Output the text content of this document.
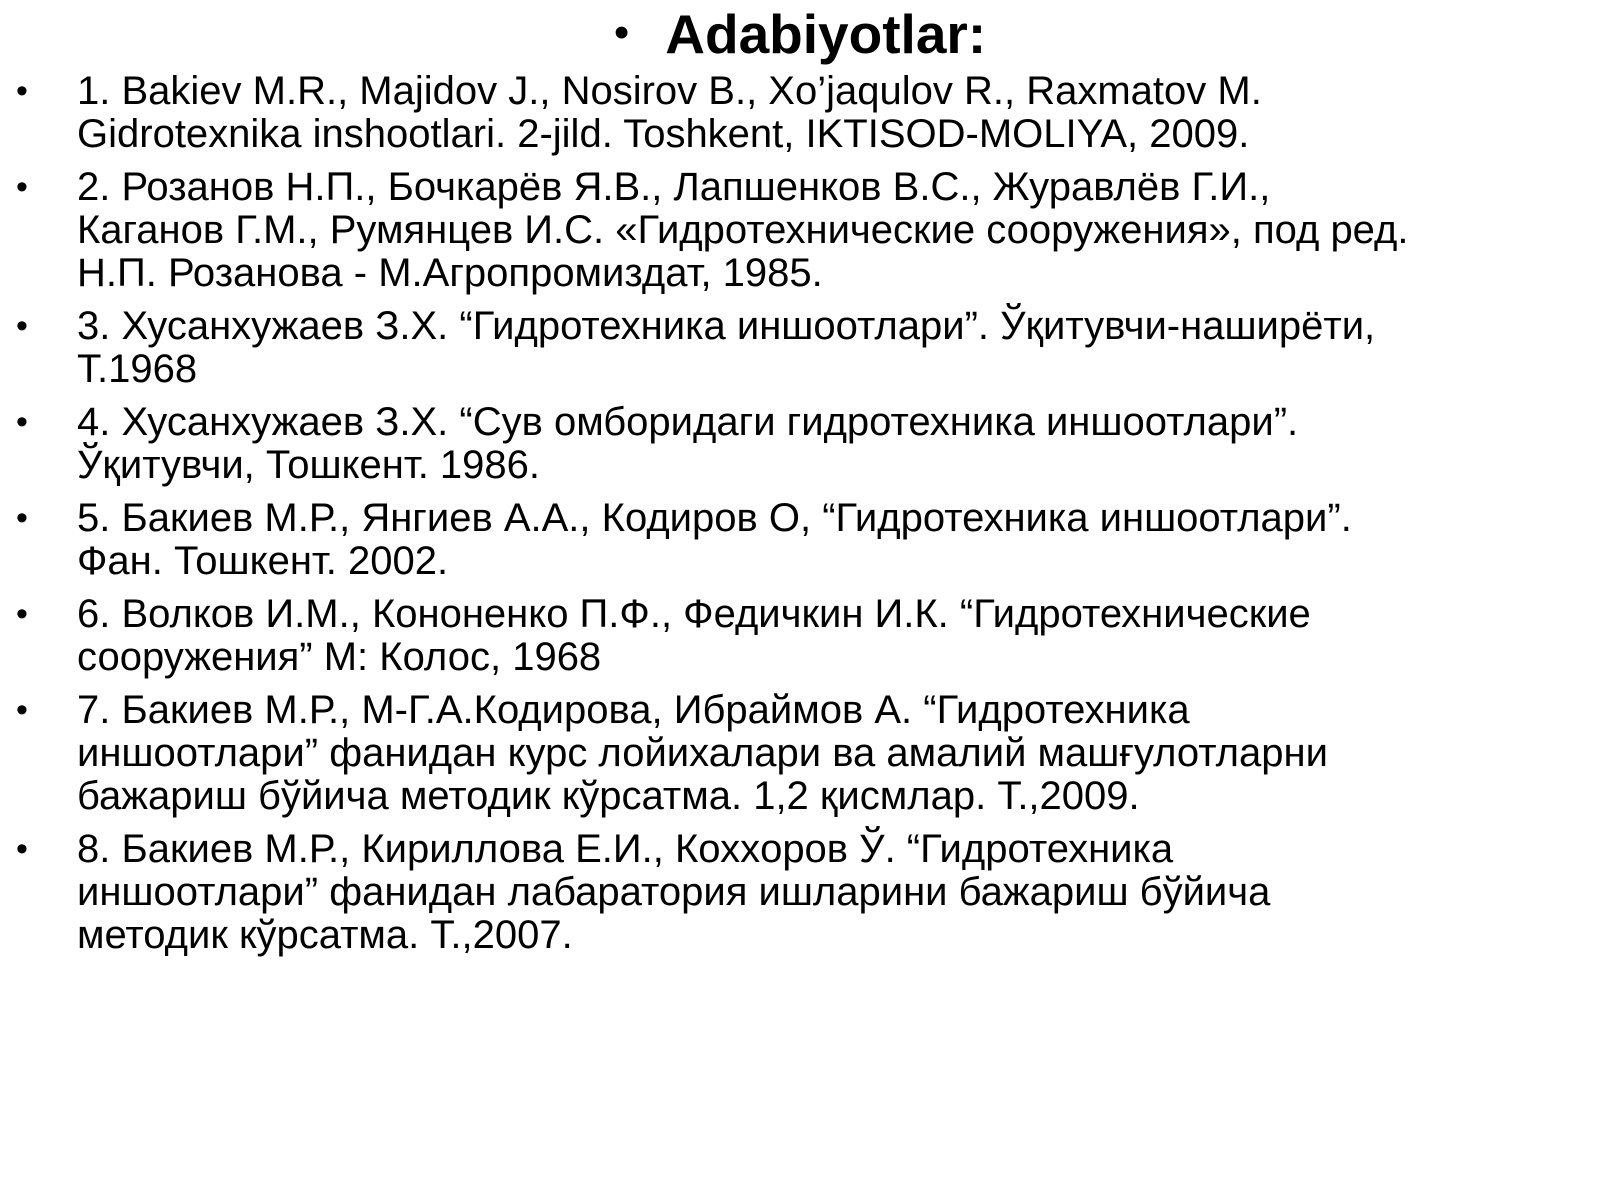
• Adabiyotlar:
• 1. Bakiev M.R., Majidov J., Nosirov B., Xo’jaqulov R., Raxmatov M.
Gidrotexnika inshootlari. 2-jild. Toshkent, IKTISOD-MOLIYA, 2009.
• 2. Розанов Н.П., Бочкарёв Я.В., Лапшенков В.С., Журавлёв Г.И.,
Каганов Г.М., Румянцев И.С. «Гидротехнические сооружения», под ред.
Н.П. Розанова - М.Агропромиздат, 1985.
• 3. Хусанхужаев З.Х. “Гидротехника иншоотлари”. Ўқитувчи-наширёти,
Т.1968
• 4. Хусанхужаев З.Х. “Сув омборидаги гидротехника иншоотлари”.
Ўқитувчи, Тошкент. 1986.
• 5. Бакиев М.Р., Янгиев А.А., Кодиров О, “Гидротехника иншоотлари”.
Фан. Тошкент. 2002.
• 6. Волков И.М., Кононенко П.Ф., Федичкин И.К. “Гидротехнические
сооружения” М: Колос, 1968
• 7. Бакиев М.Р., М-Г.А.Кодирова, Ибраймов А. “Гидротехника
иншоотлари” фанидан курс лойихалари ва амалий машғулотларни
бажариш бўйича методик кўрсатма. 1,2 қисмлар. Т.,2009.
• 8. Бакиев М.Р., Кириллова Е.И., Кохxоров Ў. “Гидротехника
иншоотлари” фанидан лабаратория ишларини бажариш бўйича
методик кўрсатма. Т.,2007.
